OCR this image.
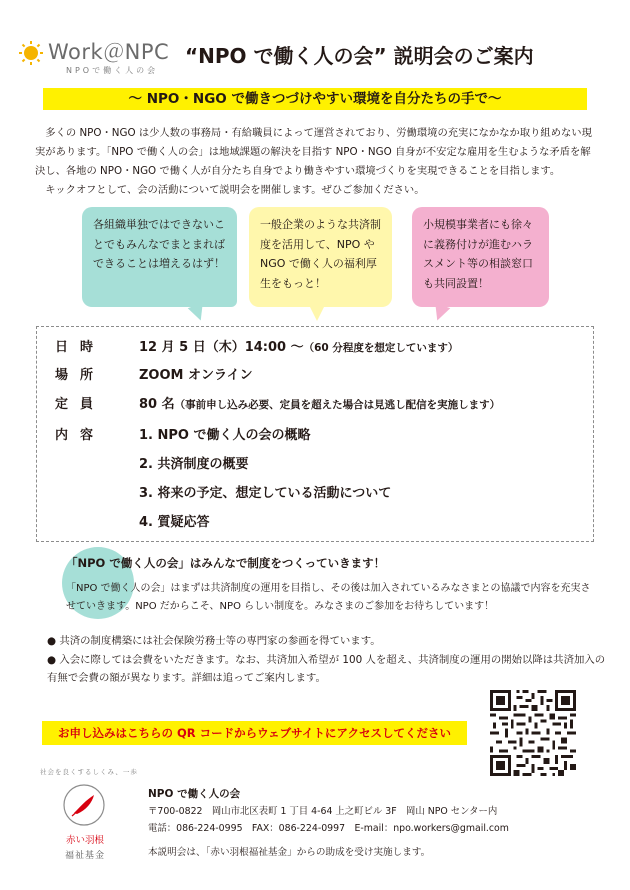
Work＠NPC
NPOで働く人の会
“NPO で働く人の会” 説明会のご案内
～ NPO・NGO で働きつづけやすい環境を自分たちの手で～

多くの NPO・NGO は少人数の事務局・有給職員によって運営されており、労働環境の充実になかなか取り組めない現実があります。「NPO で働く人の会」は地域課題の解決を目指す NPO・NGO 自身が不安定な雇用を生むような矛盾を解決し、各地の NPO・NGO で働く人が自分たち自身でより働きやすい環境づくりを実現できることを目指します。

キックオフとして、会の活動について説明会を開催します。ぜひご参加ください。

各組織単独ではできないことでもみんなでまとまればできることは増えるはず！
一般企業のような共済制度を活用して、NPO や NGO で働く人の福利厚生をもっと！
小規模事業者にも徐々に義務付けが進むハラスメント等の相談窓口も共同設置！
日時	12 月 5 日（木）14:00 ～（60 分程度を想定しています）
場所	ZOOM オンライン
定員	80 名（事前申し込み必要、定員を超えた場合は見逃し配信を実施します）
内容	1. NPO で働く人の会の概略
2. 共済制度の概要
3. 将来の予定、想定している活動について
4. 質疑応答
「NPO で働く人の会」はみんなで制度をつくっていきます！
「NPO で働く人の会」はまずは共済制度の運用を目指し、その後は加入されているみなさまとの協議で内容を充実させていきます。NPO だからこそ、NPO らしい制度を。みなさまのご参加をお待ちしています！

● 共済の制度構築には社会保険労務士等の専門家の参画を得ています。

● 入会に際しては会費をいただきます。なお、共済加入希望が 100 人を超え、共済制度の運用の開始以降は共済加入の有無で会費の額が異なります。詳細は追ってご案内します。

お申し込みはこちらの QR コードからウェブサイトにアクセスしてください
社会を良くするしくみ、一歩
赤い羽根
福祉基金
NPO で働く人の会
〒700-0822　岡山市北区表町 1 丁目 4-64 上之町ビル 3F　岡山 NPO センター内
電話：086-224-0995　FAX：086-224-0997　E-mail：npo.workers@gmail.com
本説明会は、「赤い羽根福祉基金」からの助成を受け実施します。
